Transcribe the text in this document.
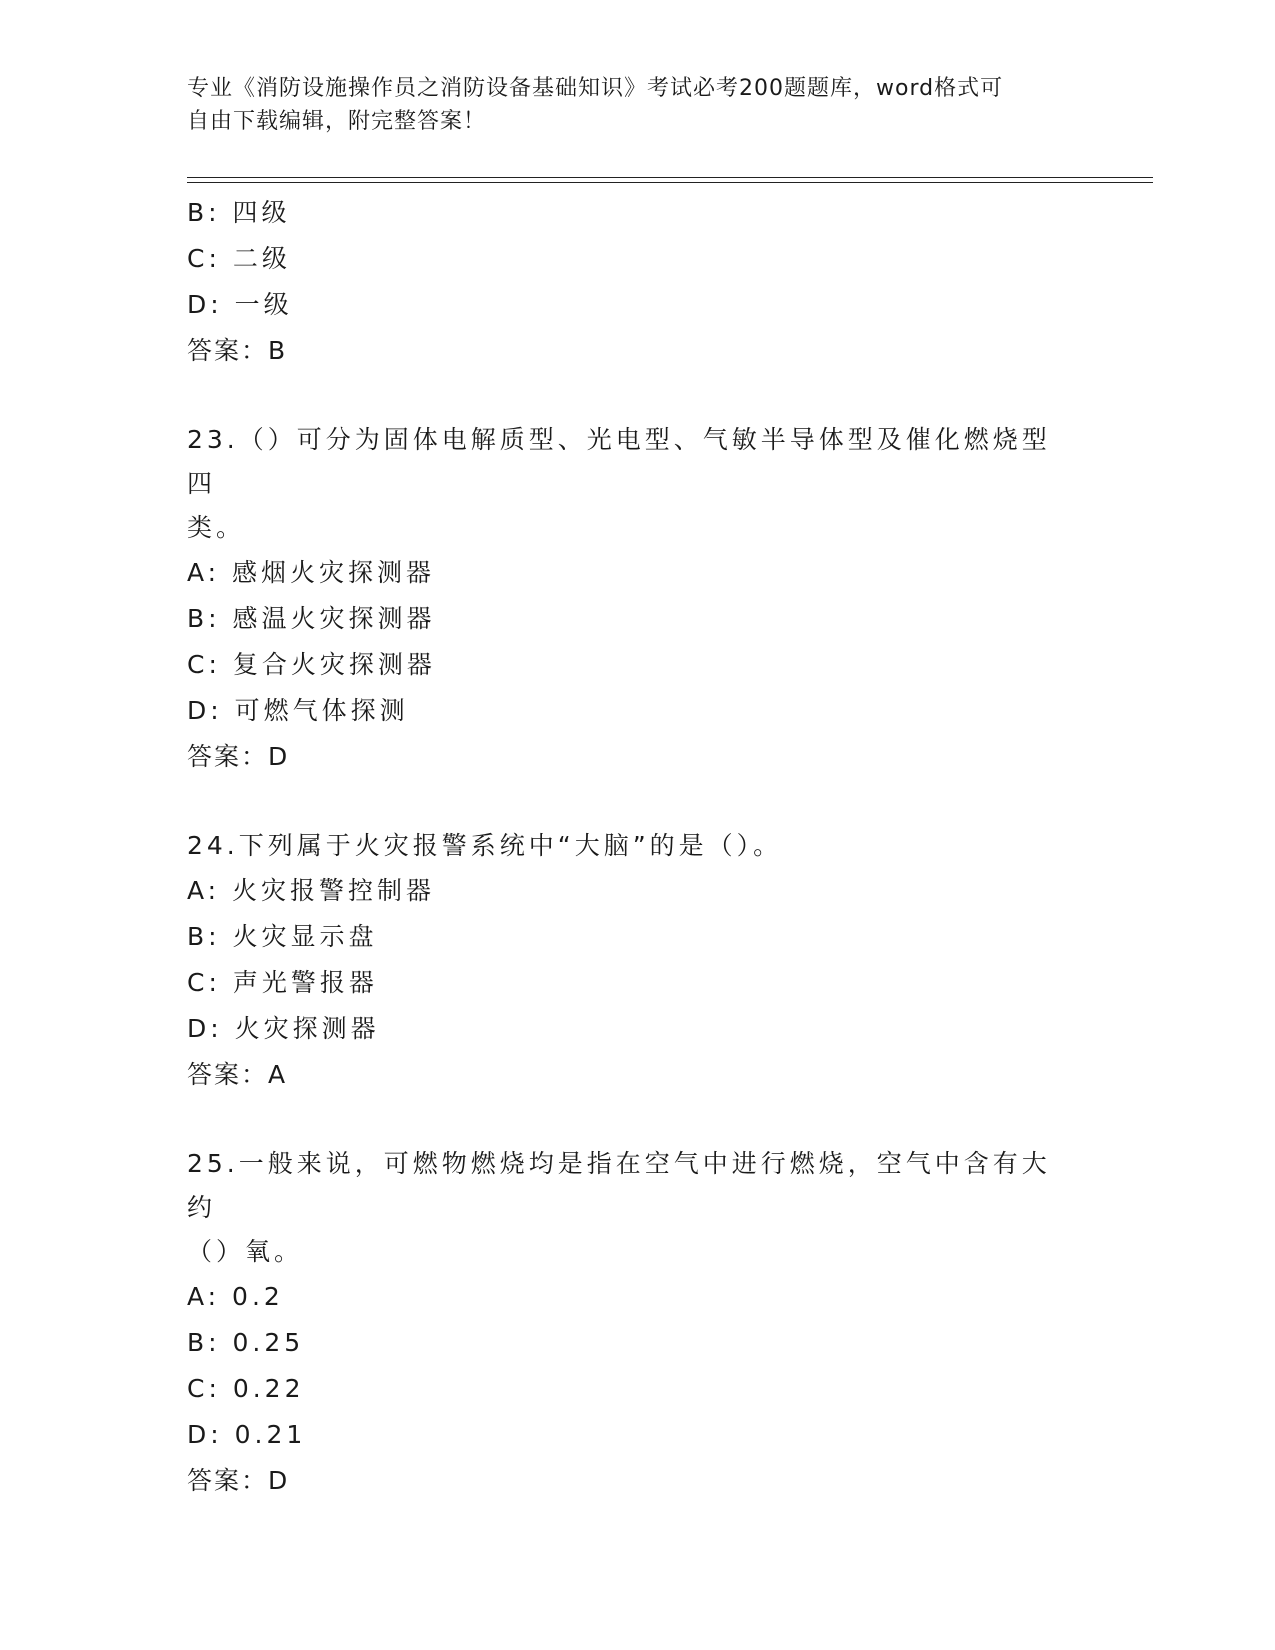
专业《消防设施操作员之消防设备基础知识》考试必考200题题库，word格式可
自由下载编辑，附完整答案！
B: 四级
C: 二级
D: 一级
答案：B
23.（）可分为固体电解质型、光电型、气敏半导体型及催化燃烧型四
类。
A: 感烟火灾探测器
B: 感温火灾探测器
C: 复合火灾探测器
D: 可燃气体探测
答案：D
24.下列属于火灾报警系统中“大脑”的是（）。
A: 火灾报警控制器
B: 火灾显示盘
C: 声光警报器
D: 火灾探测器
答案：A
25.一般来说，可燃物燃烧均是指在空气中进行燃烧，空气中含有大约
（）氧。
A: 0.2
B: 0.25
C: 0.22
D: 0.21
答案：D
